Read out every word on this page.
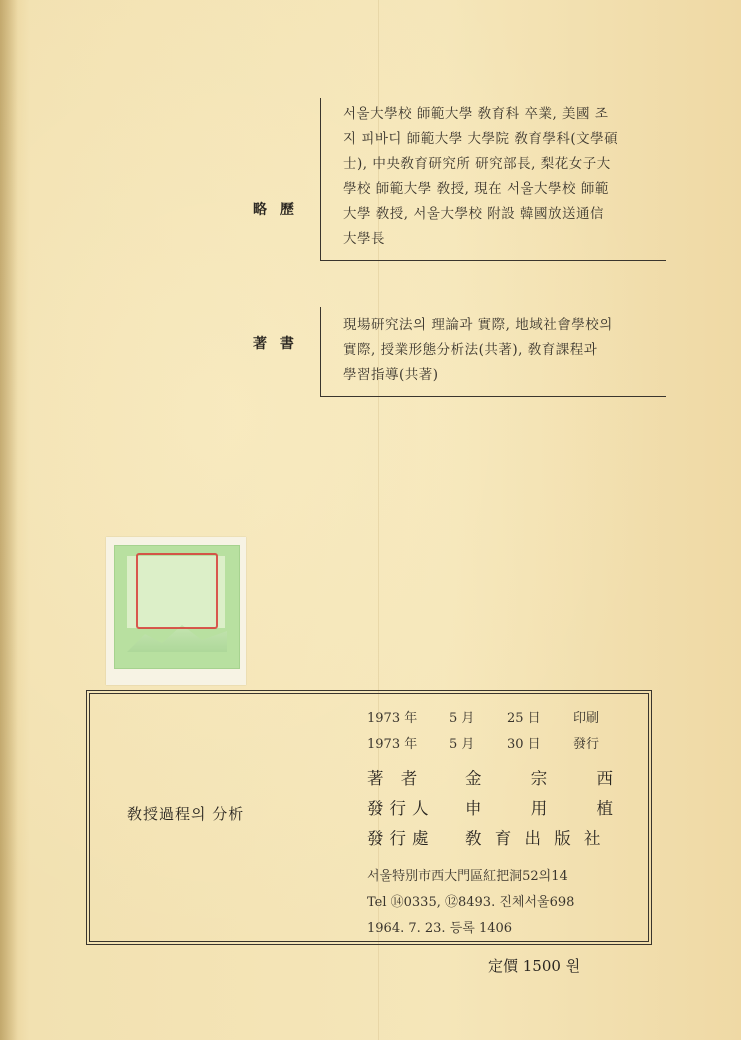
略 歷

서울大學校 師範大學 敎育科 卒業, 美國 조

지 피바디 師範大學 大學院 敎育學科(文學碩

士), 中央敎育研究所 研究部長, 梨花女子大

學校 師範大學 敎授, 現在 서울大學校 師範

大學 敎授, 서울大學校 附設 韓國放送通信

大學長

著 書

現場研究法의 理論과 實際, 地域社會學校의

實際, 授業形態分析法(共著), 敎育課程과

學習指導(共著)

敎授過程의 分析
1973 年 5 月	25 日 印刷
1973 年 5 月	30 日 發行
著 者	金 宗 西
發行人 申 用 植
發行處 敎 育 出 版 社
서울特別市西大門區紅把洞52의14
Tel ⑭0335, ⑫8493. 진체서울698
1964. 7. 23. 등록 1406
定價 1500 원
